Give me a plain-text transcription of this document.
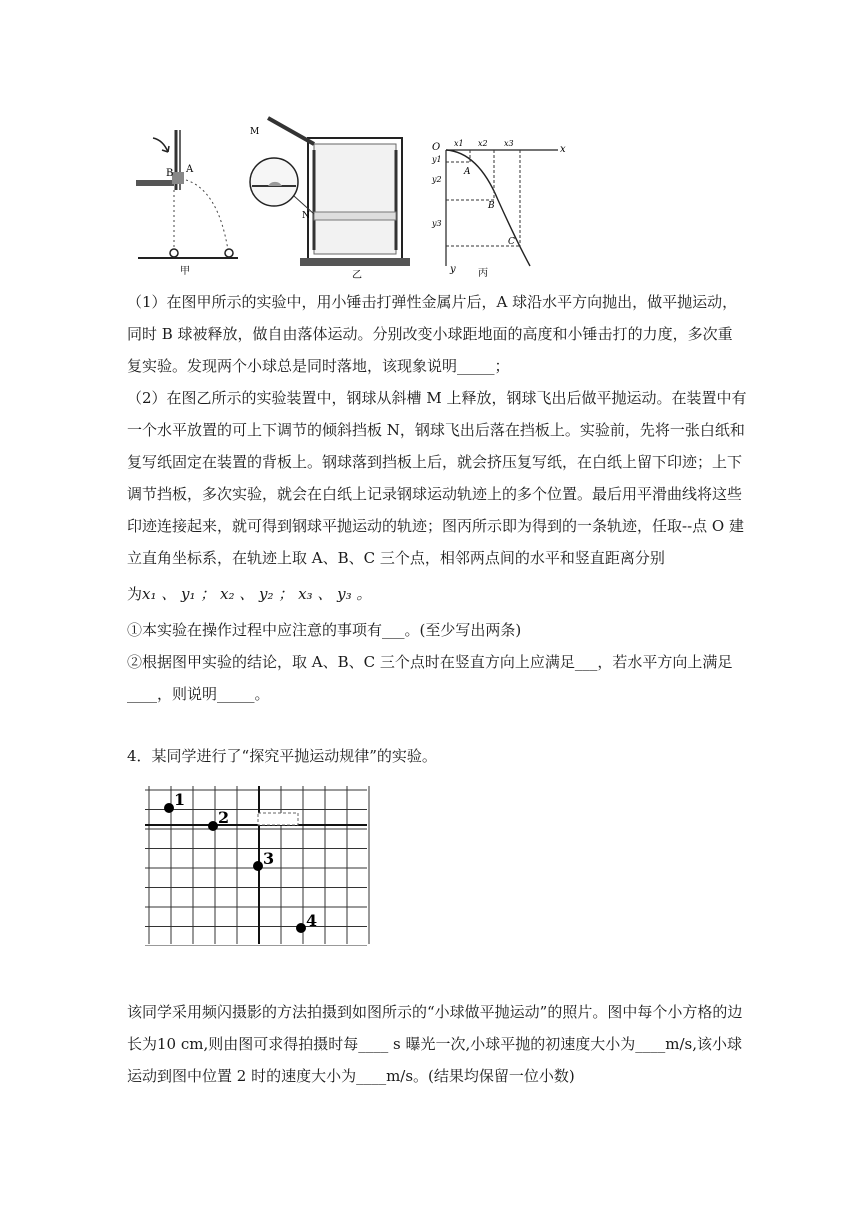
B A
甲
M
N
乙
O	x
y
x1 x2 x3
y1
y2
y3
A
B
C
丙

（1）在图甲所示的实验中，用小锤击打弹性金属片后，A 球沿水平方向抛出，做平抛运动，同时 B 球被释放，做自由落体运动。分别改变小球距地面的高度和小锤击打的力度，多次重复实验。发现两个小球总是同时落地，该现象说明_____；

（2）在图乙所示的实验装置中，钢球从斜槽 M 上释放，钢球飞出后做平抛运动。在装置中有一个水平放置的可上下调节的倾斜挡板 N，钢球飞出后落在挡板上。实验前，先将一张白纸和复写纸固定在装置的背板上。钢球落到挡板上后，就会挤压复写纸，在白纸上留下印迹；上下调节挡板，多次实验，就会在白纸上记录钢球运动轨迹上的多个位置。最后用平滑曲线将这些印迹连接起来，就可得到钢球平抛运动的轨迹；图丙所示即为得到的一条轨迹，任取--点 O 建立直角坐标系，在轨迹上取 A、B、C 三个点，相邻两点间的水平和竖直距离分别

为x₁ 、 y₁ ； x₂ 、 y₂ ； x₃ 、 y₃ 。

①本实验在操作过程中应注意的事项有___。(至少写出两条)

②根据图甲实验的结论，取 A、B、C 三个点时在竖直方向上应满足___，若水平方向上满足____，则说明_____。

4．某同学进行了“探究平抛运动规律”的实验。

1
2
3
4

该同学采用频闪摄影的方法拍摄到如图所示的“小球做平抛运动”的照片。图中每个小方格的边长为10 cm,则由图可求得拍摄时每____ s 曝光一次,小球平抛的初速度大小为____m/s,该小球运动到图中位置 2 时的速度大小为____m/s。(结果均保留一位小数)
